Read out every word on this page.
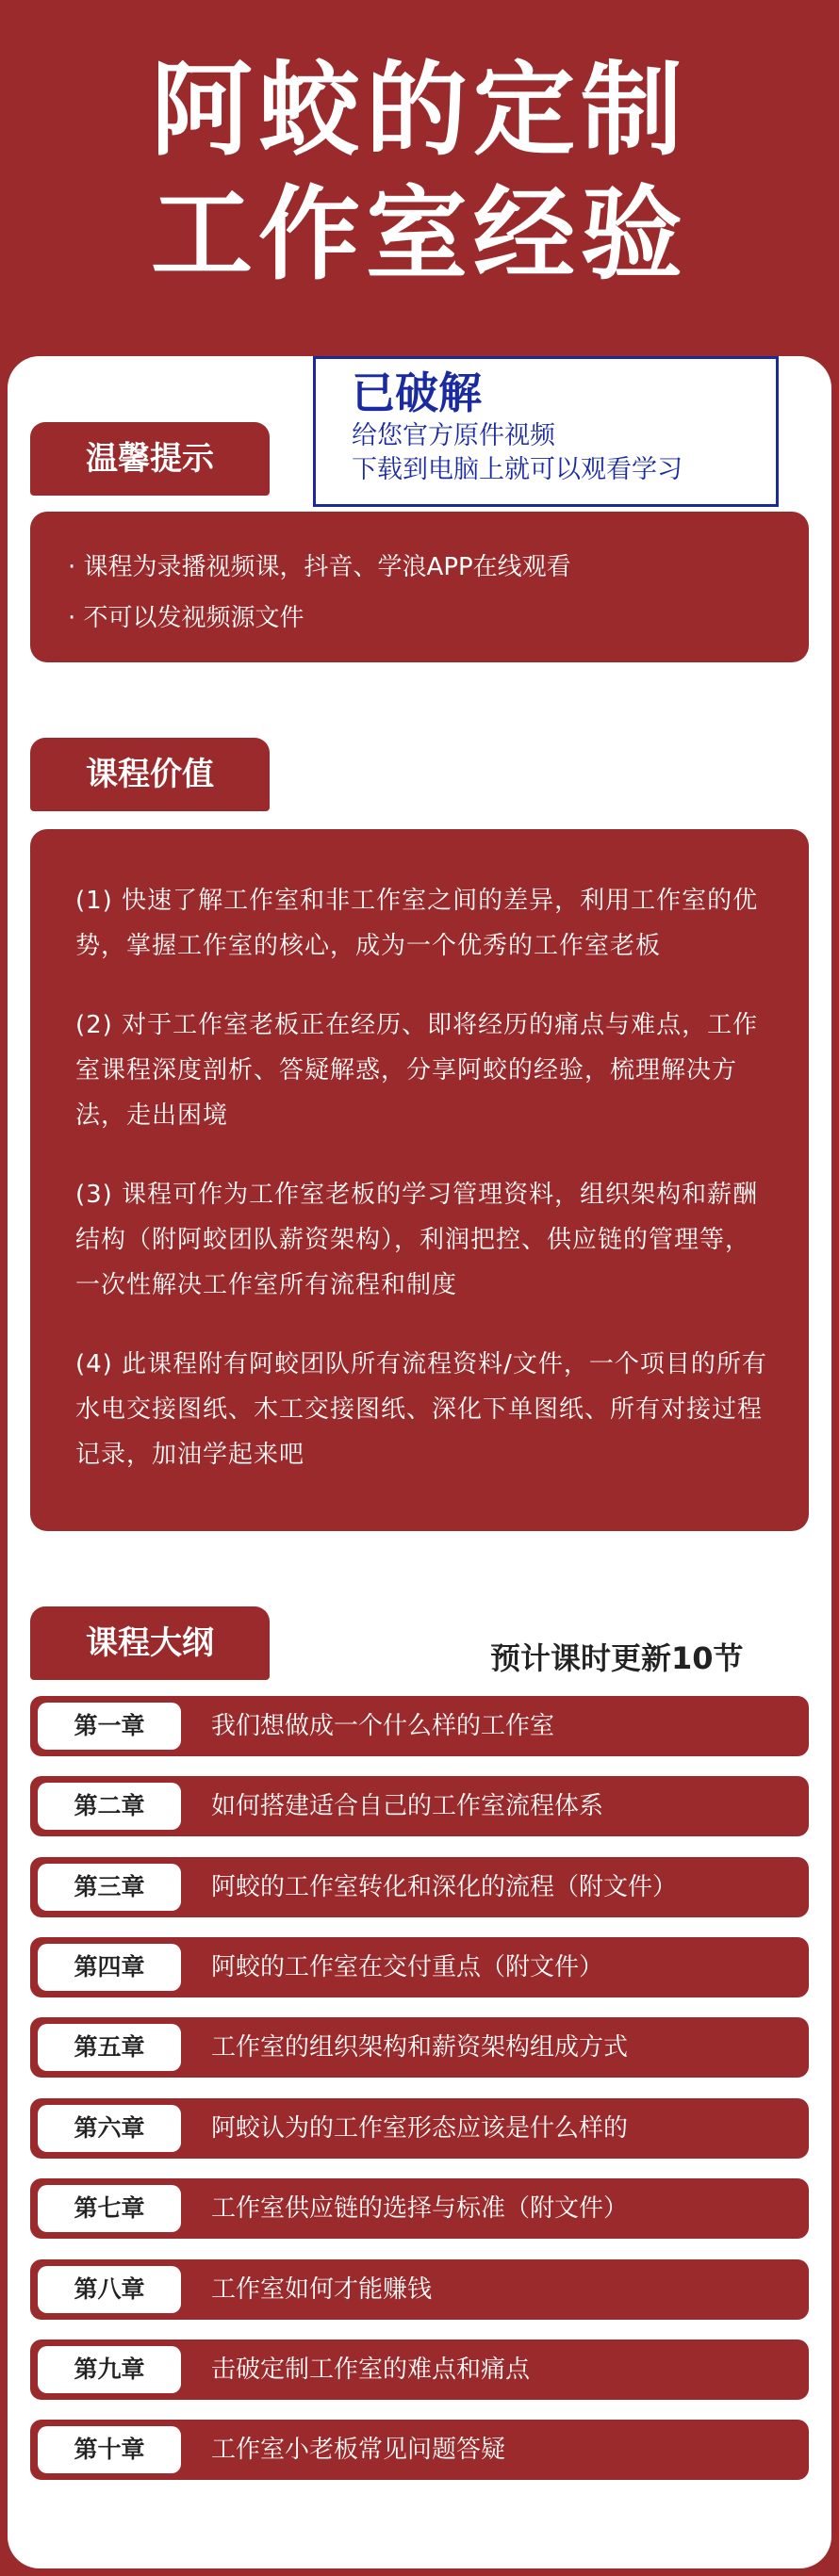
阿蛟的定制
工作室经验
温馨提示
已破解
给您官方原件视频
下载到电脑上就可以观看学习
· 课程为录播视频课，抖音、学浪APP在线观看
· 不可以发视频源文件
课程价值
(1) 快速了解工作室和非工作室之间的差异，利用工作室的优势，掌握工作室的核心，成为一个优秀的工作室老板
(2) 对于工作室老板正在经历、即将经历的痛点与难点，工作室课程深度剖析、答疑解惑，分享阿蛟的经验，梳理解决方法，走出困境
(3) 课程可作为工作室老板的学习管理资料，组织架构和薪酬结构（附阿蛟团队薪资架构），利润把控、供应链的管理等，一次性解决工作室所有流程和制度
(4) 此课程附有阿蛟团队所有流程资料/文件，一个项目的所有水电交接图纸、木工交接图纸、深化下单图纸、所有对接过程记录，加油学起来吧
课程大纲	预计课时更新10节
第一章	我们想做成一个什么样的工作室
第二章	如何搭建适合自己的工作室流程体系
第三章	阿蛟的工作室转化和深化的流程（附文件）
第四章	阿蛟的工作室在交付重点（附文件）
第五章	工作室的组织架构和薪资架构组成方式
第六章	阿蛟认为的工作室形态应该是什么样的
第七章	工作室供应链的选择与标准（附文件）
第八章	工作室如何才能赚钱
第九章	击破定制工作室的难点和痛点
第十章	工作室小老板常见问题答疑
